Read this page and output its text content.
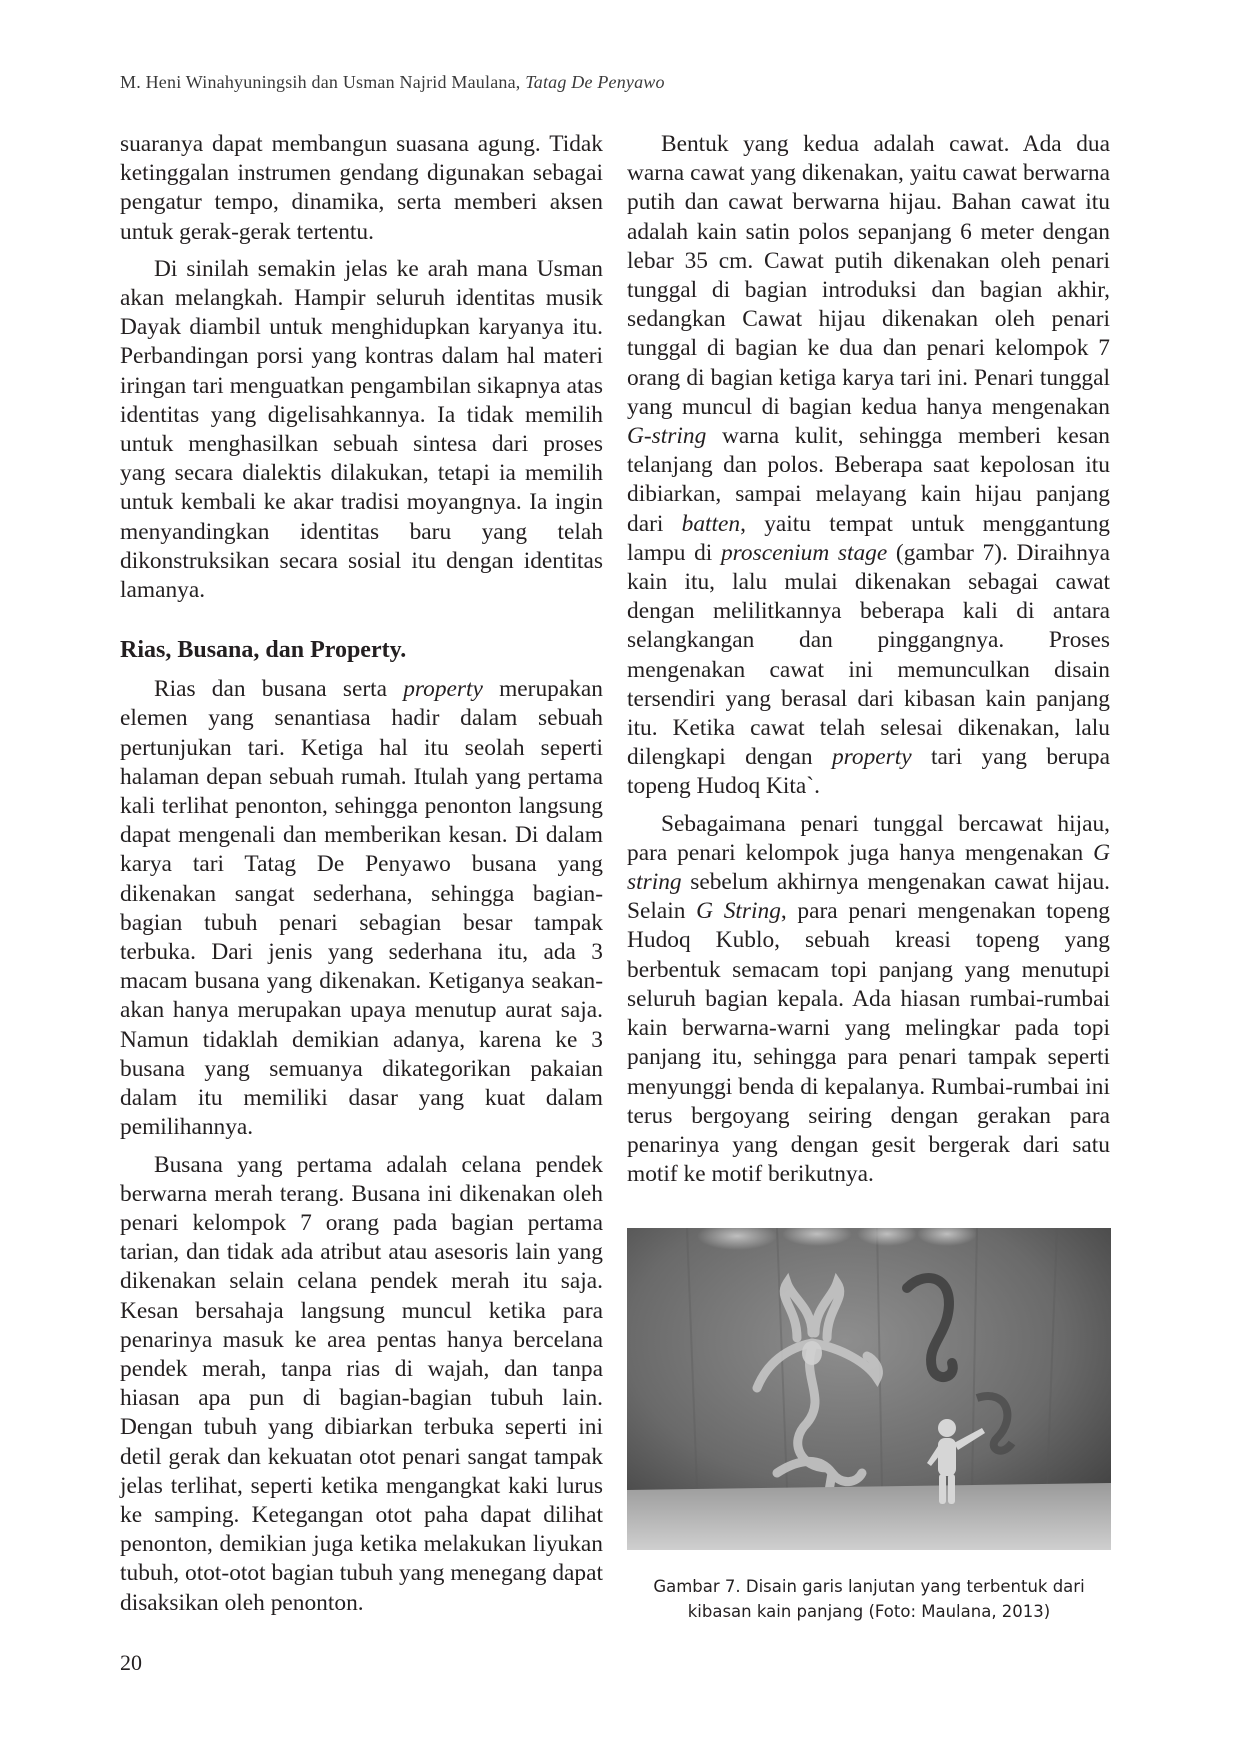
M. Heni Winahyuningsih dan Usman Najrid Maulana, Tatag De Penyawo

suaranya dapat membangun suasana agung. Tidak ketinggalan instrumen gendang digunakan sebagai pengatur tempo, dinamika, serta memberi aksen untuk gerak-gerak tertentu.

Di sinilah semakin jelas ke arah mana Usman akan melangkah. Hampir seluruh identitas musik Dayak diambil untuk menghidupkan karyanya itu. Perbandingan porsi yang kontras dalam hal materi iringan tari menguatkan pengambilan sikapnya atas identitas yang digelisahkannya. Ia tidak memilih untuk menghasilkan sebuah sintesa dari proses yang secara dialektis dilakukan, tetapi ia memilih untuk kembali ke akar tradisi moyangnya. Ia ingin menyandingkan identitas baru yang telah dikonstruksikan secara sosial itu dengan identitas lamanya.

Rias, Busana, dan Property.

Rias dan busana serta property merupakan elemen yang senantiasa hadir dalam sebuah pertunjukan tari. Ketiga hal itu seolah seperti halaman depan sebuah rumah. Itulah yang pertama kali terlihat penonton, sehingga penonton langsung dapat mengenali dan memberikan kesan. Di dalam karya tari Tatag De Penyawo busana yang dikenakan sangat sederhana, sehingga bagian-bagian tubuh penari sebagian besar tampak terbuka. Dari jenis yang sederhana itu, ada 3 macam busana yang dikenakan. Ketiganya seakan-akan hanya merupakan upaya menutup aurat saja. Namun tidaklah demikian adanya, karena ke 3 busana yang semuanya dikategorikan pakaian dalam itu memiliki dasar yang kuat dalam pemilihannya.

Busana yang pertama adalah celana pendek berwarna merah terang. Busana ini dikenakan oleh penari kelompok 7 orang pada bagian pertama tarian, dan tidak ada atribut atau asesoris lain yang dikenakan selain celana pendek merah itu saja. Kesan bersahaja langsung muncul ketika para penarinya masuk ke area pentas hanya bercelana pendek merah, tanpa rias di wajah, dan tanpa hiasan apa pun di bagian-bagian tubuh lain. Dengan tubuh yang dibiarkan terbuka seperti ini detil gerak dan kekuatan otot penari sangat tampak jelas terlihat, seperti ketika mengangkat kaki lurus ke samping. Ketegangan otot paha dapat dilihat penonton, demikian juga ketika melakukan liyukan tubuh, otot-otot bagian tubuh yang menegang dapat disaksikan oleh penonton.

Bentuk yang kedua adalah cawat. Ada dua warna cawat yang dikenakan, yaitu cawat berwarna putih dan cawat berwarna hijau. Bahan cawat itu adalah kain satin polos sepanjang 6 meter dengan lebar 35 cm. Cawat putih dikenakan oleh penari tunggal di bagian introduksi dan bagian akhir, sedangkan Cawat hijau dikenakan oleh penari tunggal di bagian ke dua dan penari kelompok 7 orang di bagian ketiga karya tari ini. Penari tunggal yang muncul di bagian kedua hanya mengenakan G-string warna kulit, sehingga memberi kesan telanjang dan polos. Beberapa saat kepolosan itu dibiarkan, sampai melayang kain hijau panjang dari batten, yaitu tempat untuk menggantung lampu di proscenium stage (gambar 7). Diraihnya kain itu, lalu mulai dikenakan sebagai cawat dengan melilitkannya beberapa kali di antara selangkangan dan pinggangnya. Proses mengenakan cawat ini memunculkan disain tersendiri yang berasal dari kibasan kain panjang itu. Ketika cawat telah selesai dikenakan, lalu dilengkapi dengan property tari yang berupa topeng Hudoq Kita`.

Sebagaimana penari tunggal bercawat hijau, para penari kelompok juga hanya mengenakan G string sebelum akhirnya mengenakan cawat hijau. Selain G String, para penari mengenakan topeng Hudoq Kublo, sebuah kreasi topeng yang berbentuk semacam topi panjang yang menutupi seluruh bagian kepala. Ada hiasan rumbai-rumbai kain berwarna-warni yang melingkar pada topi panjang itu, sehingga para penari tampak seperti menyunggi benda di kepalanya. Rumbai-rumbai ini terus bergoyang seiring dengan gerakan para penarinya yang dengan gesit bergerak dari satu motif ke motif berikutnya.

Gambar 7. Disain garis lanjutan yang terbentuk dari
kibasan kain panjang (Foto: Maulana, 2013)
20
